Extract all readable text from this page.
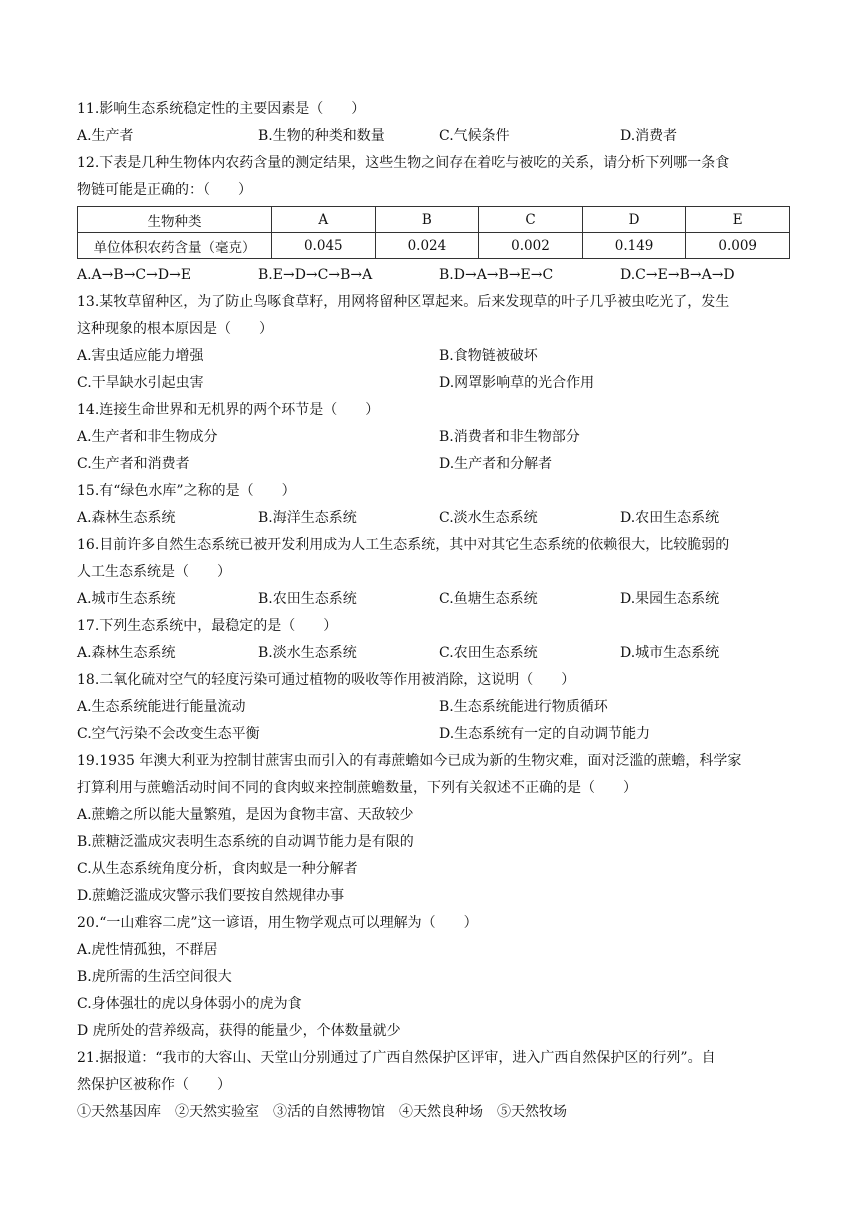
11.影响生态系统稳定性的主要因素是（　　）
A.生产者	B.生物的种类和数量	C.气候条件	D.消费者
12.下表是几种生物体内农药含量的测定结果，这些生物之间存在着吃与被吃的关系，请分析下列哪一条食
物链可能是正确的：（　　）
生物种类	A	B	C	D	E
单位体积农药含量（毫克）	0.045	0.024	0.002	0.149	0.009
A.A→B→C→D→E	B.E→D→C→B→A	B.D→A→B→E→C	D.C→E→B→A→D
13.某牧草留种区，为了防止鸟啄食草籽，用网将留种区罩起来。后来发现草的叶子几乎被虫吃光了，发生
这种现象的根本原因是（　　）
A.害虫适应能力增强	B.食物链被破坏
C.干旱缺水引起虫害	D.网罩影响草的光合作用
14.连接生命世界和无机界的两个环节是（　　）
A.生产者和非生物成分	B.消费者和非生物部分
C.生产者和消费者	D.生产者和分解者
15.有“绿色水库”之称的是（　　）
A.森林生态系统	B.海洋生态系统	C.淡水生态系统	D.农田生态系统
16.目前许多自然生态系统已被开发利用成为人工生态系统，其中对其它生态系统的依赖很大，比较脆弱的
人工生态系统是（　　）
A.城市生态系统	B.农田生态系统	C.鱼塘生态系统	D.果园生态系统
17.下列生态系统中，最稳定的是（　　）
A.森林生态系统	B.淡水生态系统	C.农田生态系统	D.城市生态系统
18.二氧化硫对空气的轻度污染可通过植物的吸收等作用被消除，这说明（　　）
A.生态系统能进行能量流动	B.生态系统能进行物质循环
C.空气污染不会改变生态平衡	D.生态系统有一定的自动调节能力
19.1935 年澳大利亚为控制甘蔗害虫而引入的有毒蔗蟾如今已成为新的生物灾难，面对泛滥的蔗蟾，科学家
打算利用与蔗蟾活动时间不同的食肉蚁来控制蔗蟾数量，下列有关叙述不正确的是（　　）
A.蔗蟾之所以能大量繁殖，是因为食物丰富、天敌较少
B.蔗糖泛滥成灾表明生态系统的自动调节能力是有限的
C.从生态系统角度分析，食肉蚁是一种分解者
D.蔗蟾泛滥成灾警示我们要按自然规律办事
20.“一山难容二虎”这一谚语，用生物学观点可以理解为（　　）
A.虎性情孤独，不群居
B.虎所需的生活空间很大
C.身体强壮的虎以身体弱小的虎为食
D 虎所处的营养级高，获得的能量少，个体数量就少
21.据报道：“我市的大容山、天堂山分别通过了广西自然保护区评审，进入广西自然保护区的行列”。自
然保护区被称作（　　）
①天然基因库　②天然实验室　③活的自然博物馆　④天然良种场　⑤天然牧场
